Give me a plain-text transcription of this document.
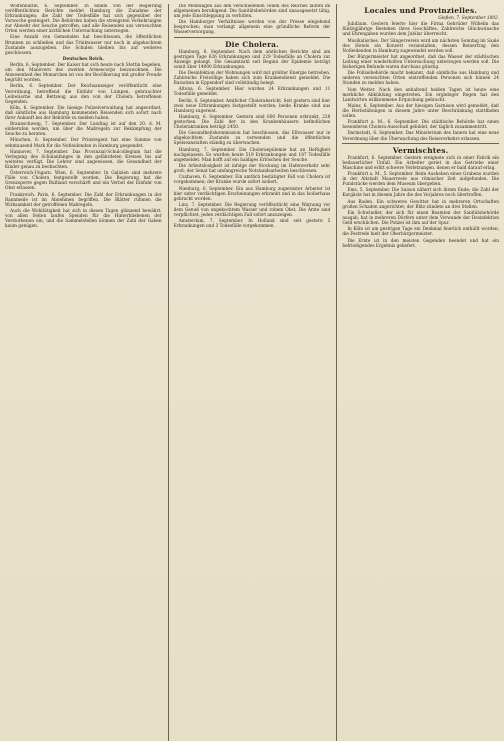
Wolfenbüttel, 6. September. In einem von der Regierung veröffentlichten Berichte meldet Hamburg die Zunahme der Erkrankungen; die Zahl der Todesfälle hat sich gegenüber der Vorwoche gesteigert. Die Behörden haben die strengsten Vorkehrungen zur Abwehr der Seuche getroffen, und alle Reisenden aus verseuchten Orten werden einer ärztlichen Untersuchung unterzogen.

Eine Anzahl von Gemeinden hat beschlossen, die öffentlichen Brunnen zu schließen und das Trinkwasser nur noch in abgekochtem Zustande auszugeben. Die Schulen bleiben bis auf weiteres geschlossen.

Deutsches Reich.

Berlin, 6. September. Der Kaiser hat sich heute nach Stettin begeben, um den Manövern des zweiten Armeecorps beizuwohnen. Die Anwesenheit des Monarchen ist von der Bevölkerung mit großer Freude begrüßt worden.

Berlin, 6. September. Der Reichsanzeiger veröffentlicht eine Verordnung, betreffend die Einfuhr von Lumpen, gebrauchter Leibwäsche und Bettzeug aus den von der Cholera betroffenen Gegenden.

Köln, 6. September. Die hiesige Polizeiverwaltung hat angeordnet, daß sämtliche aus Hamburg kommenden Reisenden sich sofort nach ihrer Ankunft bei der Behörde zu melden haben.

Braunschweig, 7. September. Der Landtag ist auf den 20. d. M. einberufen worden, um über die Maßregeln zur Bekämpfung der Seuche zu beraten.

München, 6. September. Der Prinzregent hat eine Summe von zehntausend Mark für die Notleidenden in Hamburg gespendet.

Hannover, 7. September. Das Provinzial-Schulcollegium hat die Verlegung des Schulanfanges in den gefährdeten Kreisen bis auf weiteres verfügt. Die Lehrer sind angewiesen, die Gesundheit der Kinder genau zu beobachten.

Österreich-Ungarn. Wien, 6. September. In Galizien sind mehrere Fälle von Cholera festgestellt worden. Die Regierung hat die Grenzsperre gegen Rußland verschärft und ein Verbot der Einfuhr von Obst erlassen.

Frankreich. Paris, 6. September. Die Zahl der Erkrankungen in der Bannmeile ist im Abnehmen begriffen. Die Blätter rühmen die Wirksamkeit der getroffenen Maßregeln.

Auch die Wohltätigkeit hat sich in diesen Tagen glänzend bewährt; von allen Seiten laufen Spenden für die Hinterbliebenen der Verstorbenen ein, und die Sammelstellen können der Zahl der Gaben kaum genügen.

Die Meldungen aus den verschiedenen Teilen des Reiches lauten im allgemeinen beruhigend. Die Sanitätsbehörden sind unausgesetzt tätig, um jede Einschleppung zu verhüten.

Die Hamburger Verhältnisse werden von der Presse eingehend besprochen; man verlangt allgemein eine gründliche Reform der Wasserversorgung.

Die Cholera.

Hamburg, 6. September. Nach dem amtlichen Berichte sind am gestrigen Tage 626 Erkrankungen und 229 Todesfälle an Cholera zur Anzeige gelangt. Die Gesamtzahl seit Beginn der Epidemie beträgt somit über 14000 Erkrankungen.

Die Desinfektion der Wohnungen wird mit größter Energie betrieben. Zahlreiche Freiwillige haben sich zum Krankendienst gemeldet. Die Baracken in Eppendorf sind vollständig belegt.

Altona, 6. September. Hier wurden 24 Erkrankungen und 11 Todesfälle gemeldet.

Berlin, 6. September. Amtlicher Cholerabericht. Seit gestern sind hier zwei neue Erkrankungen festgestellt worden; beide Kranke sind aus Hamburg zugereist.

Hamburg, 6. September. Gestern sind 600 Personen erkrankt, 228 gestorben. Die Zahl der in den Krankenhäusern befindlichen Cholerakranken beträgt 2450.

Die Gesundheitskommission hat beschlossen, das Elbwasser nur in abgekochtem Zustande zu verwenden und die öffentlichen Speiseanstalten ständig zu überwachen.

Hamburg, 7. September. Die Choleraepidemie hat an Heftigkeit nachgelassen. Es wurden heute 519 Erkrankungen und 187 Todesfälle angemeldet. Man hofft auf ein baldiges Erlöschen der Seuche.

Die Arbeitslosigkeit ist infolge der Stockung im Hafenverkehr sehr groß; der Senat hat umfangreiche Notstandsarbeiten beschlossen.

Cuxhaven, 6. September. Ein amtlich bestätigter Fall von Cholera ist vorgekommen; der Kranke wurde sofort isoliert.

Nienburg, 6. September. Ein aus Hamburg zugereister Arbeiter ist hier unter verdächtigen Erscheinungen erkrankt und in das Isolierhaus gebracht worden.

Linz, 7. September. Die Regierung veröffentlicht eine Warnung vor dem Genuß von ungekochtem Wasser und rohem Obst. Die Ärzte sind verpflichtet, jeden verdächtigen Fall sofort anzuzeigen.

Amsterdam, 7. September. In Holland sind seit gestern 5 Erkrankungen und 3 Todesfälle vorgekommen.

Locales und Provinzielles.

Gießen, 7. September 1892.

Jubiläum. Gestern feierte hier die Firma Gebrüder Wilhelm das fünfzigjährige Bestehen ihres Geschäftes. Zahlreiche Glückwünsche und Ehrengaben wurden dem Jubilar überreicht.

Musikalisches. Der Sängerverein wird am nächsten Sonntag im Saale des Hotels ein Konzert veranstalten, dessen Reinertrag den Notleidenden in Hamburg zugewendet werden soll.

Der Bürgermeister hat angeordnet, daß das Wasser der städtischen Leitung einer wiederholten Untersuchung unterzogen werden soll. Die bisherigen Befunde waren durchaus günstig.

Die Polizeibehörde macht bekannt, daß sämtliche aus Hamburg und anderen verseuchten Orten eintreffenden Personen sich binnen 24 Stunden zu melden haben.

Vom Wetter. Nach den anhaltend heißen Tagen ist heute eine merkliche Abkühlung eingetreten. Ein ergiebiger Regen hat den Landwirten willkommene Erquickung gebracht.

Mainz, 6. September. Aus der hiesigen Garnison wird gemeldet, daß die Herbstübungen in diesem Jahre unter Beschränkung stattfinden sollen.

Frankfurt a. M., 6. September. Die städtische Behörde hat einen besonderen Cholera-Ausschuß gebildet, der täglich zusammentritt.

Darmstadt, 6. September. Das Ministerium des Innern hat eine neue Verordnung über die Überwachung des Reiseverkehrs erlassen.

Vermischtes.

Frankfurt, 6. September. Gestern ereignete sich in einer Fabrik ein bedauerlicher Unfall. Ein Arbeiter geriet in das Getriebe einer Maschine und erlitt schwere Verletzungen, denen er bald darauf erlag.

Frankfurt a. M., 5. September. Beim Ausheben eines Grabens wurden in der Altstadt Mauerreste aus römischer Zeit aufgefunden. Die Fundstücke werden dem Museum übergeben.

Ems, 5. September. Die Saison nähert sich ihrem Ende; die Zahl der Kurgäste hat in diesem Jahre die des Vorjahres noch übertroffen.

Aus Baden. Ein schweres Gewitter hat in mehreren Ortschaften großen Schaden angerichtet; der Blitz zündete an drei Stellen.

Ein Schwindler, der sich für einen Beamten der Sanitätsbehörde ausgab, hat in mehreren Dörfern unter dem Vorwande der Desinfektion Geld erschlichen. Die Polizei ist ihm auf der Spur.

In Köln ist am gestrigen Tage ein Denkmal feierlich enthüllt worden; die Festrede hielt der Oberbürgermeister.

Die Ernte ist in den meisten Gegenden beendet und hat ein befriedigendes Ergebnis geliefert.
